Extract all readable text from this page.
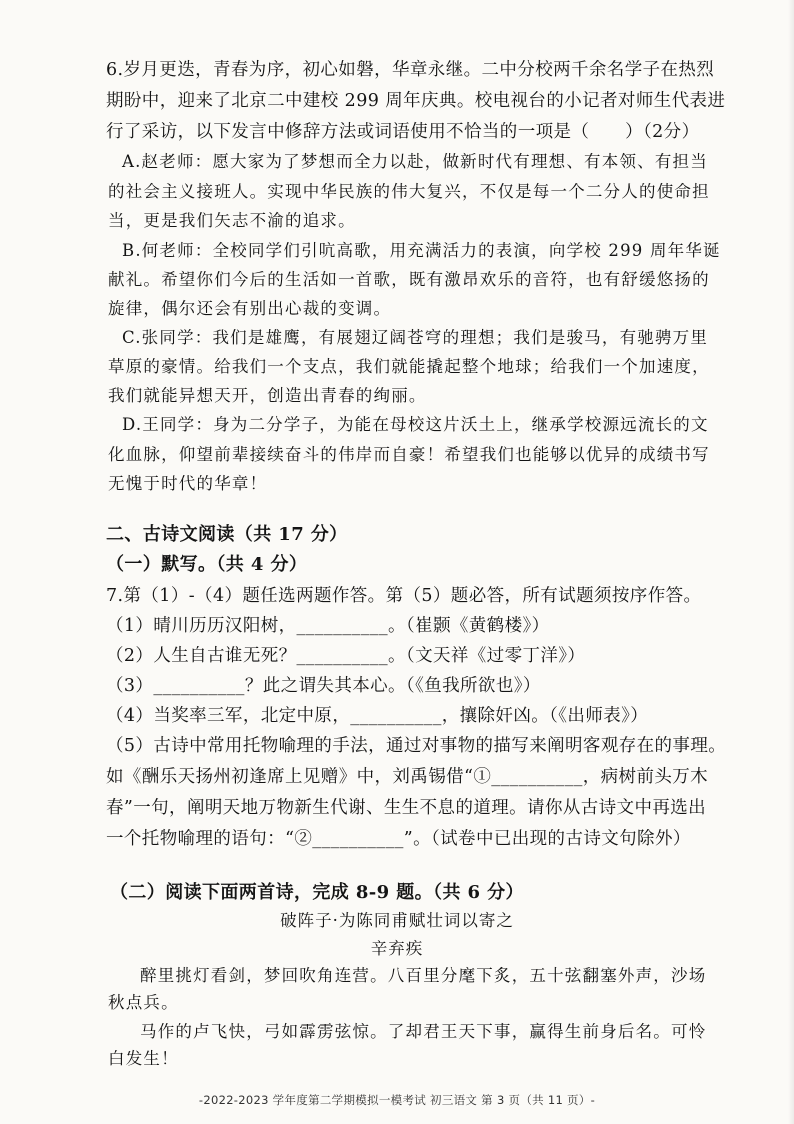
6.岁月更迭，青春为序，初心如磐，华章永继。二中分校两千余名学子在热烈
期盼中，迎来了北京二中建校 299 周年庆典。校电视台的小记者对师生代表进
行了采访，以下发言中修辞方法或词语使用不恰当的一项是（　　）（2分）
A.赵老师：愿大家为了梦想而全力以赴，做新时代有理想、有本领、有担当
的社会主义接班人。实现中华民族的伟大复兴，不仅是每一个二分人的使命担
当，更是我们矢志不渝的追求。
B.何老师：全校同学们引吭高歌，用充满活力的表演，向学校 299 周年华诞
献礼。希望你们今后的生活如一首歌，既有激昂欢乐的音符，也有舒缓悠扬的
旋律，偶尔还会有别出心裁的变调。
C.张同学：我们是雄鹰，有展翅辽阔苍穹的理想；我们是骏马，有驰骋万里
草原的豪情。给我们一个支点，我们就能撬起整个地球；给我们一个加速度，
我们就能异想天开，创造出青春的绚丽。
D.王同学：身为二分学子，为能在母校这片沃土上，继承学校源远流长的文
化血脉，仰望前辈接续奋斗的伟岸而自豪！希望我们也能够以优异的成绩书写
无愧于时代的华章！
二、古诗文阅读（共 17 分）
（一）默写。（共 4 分）
7.第（1）-（4）题任选两题作答。第（5）题必答，所有试题须按序作答。
（1）晴川历历汉阳树，__________。（崔颢《黄鹤楼》）
（2）人生自古谁无死？__________。（文天祥《过零丁洋》）
（3）__________？此之谓失其本心。（《鱼我所欲也》）
（4）当奖率三军，北定中原，__________，攘除奸凶。（《出师表》）
（5）古诗中常用托物喻理的手法，通过对事物的描写来阐明客观存在的事理。
如《酬乐天扬州初逢席上见赠》中，刘禹锡借“①__________，病树前头万木
春”一句，阐明天地万物新生代谢、生生不息的道理。请你从古诗文中再选出
一个托物喻理的语句：“②__________”。（试卷中已出现的古诗文句除外）
（二）阅读下面两首诗，完成 8-9 题。（共 6 分）
破阵子·为陈同甫赋壮词以寄之
辛弃疾
醉里挑灯看剑，梦回吹角连营。八百里分麾下炙，五十弦翻塞外声，沙场
秋点兵。
马作的卢飞快，弓如霹雳弦惊。了却君王天下事，赢得生前身后名。可怜
白发生！
-2022-2023 学年度第二学期模拟一模考试 初三语文 第 3 页（共 11 页）-
